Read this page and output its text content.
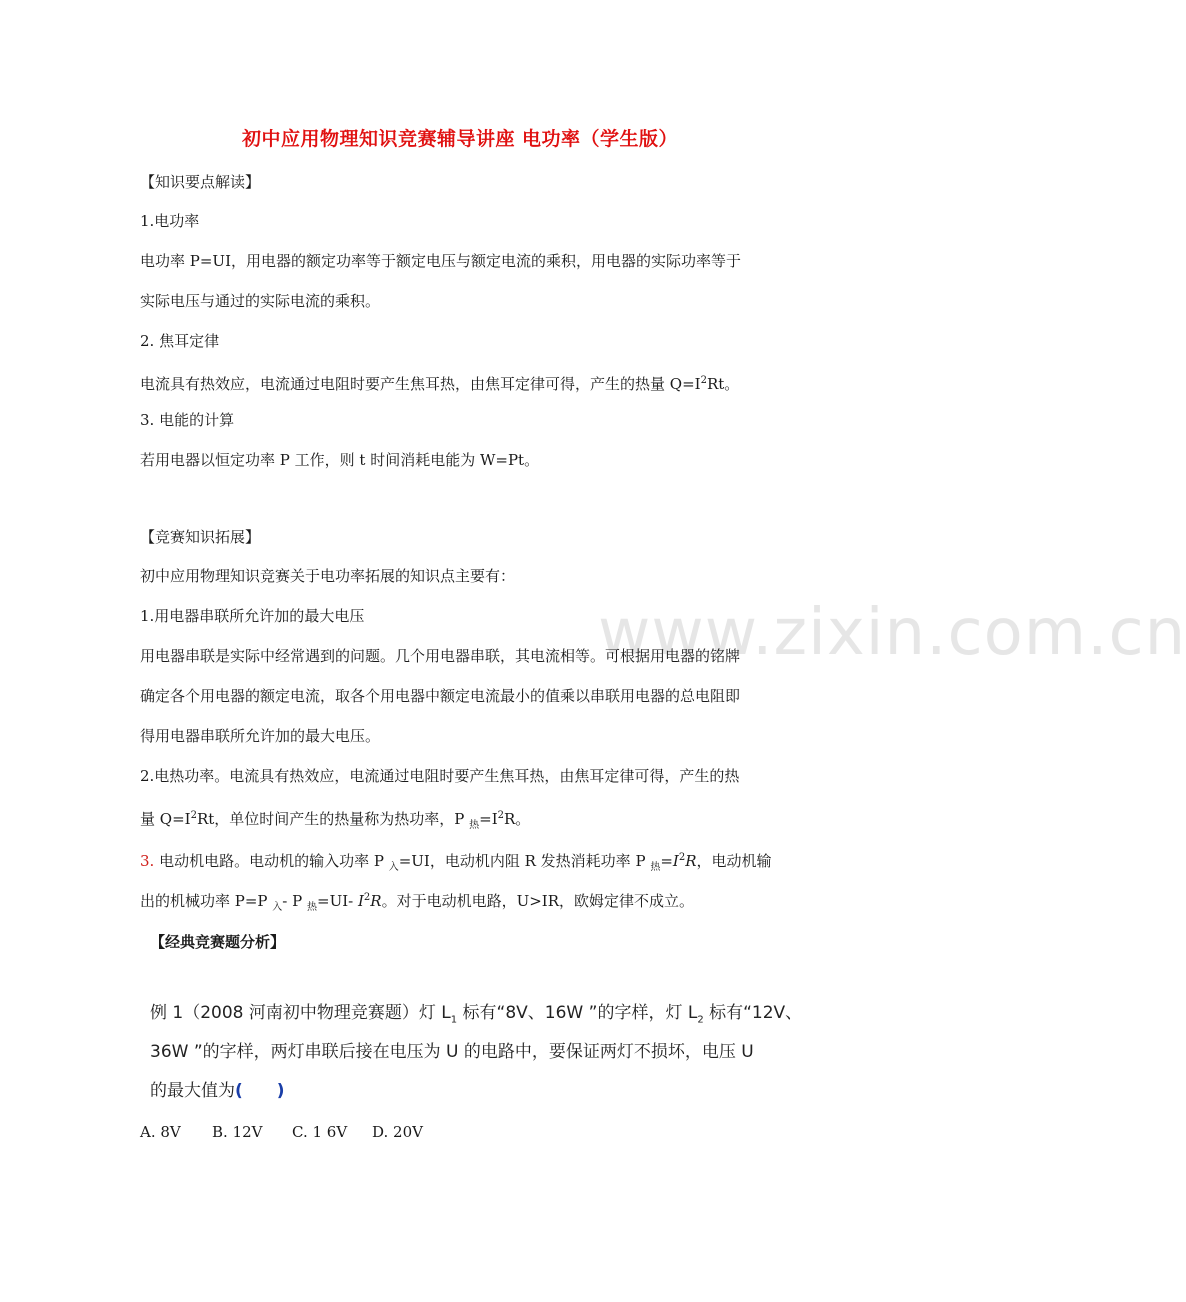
www.zixin.com.cn
初中应用物理知识竞赛辅导讲座 电功率（学生版）
【知识要点解读】
1.电功率
电功率 P=UI，用电器的额定功率等于额定电压与额定电流的乘积，用电器的实际功率等于
实际电压与通过的实际电流的乘积。
2. 焦耳定律
电流具有热效应，电流通过电阻时要产生焦耳热，由焦耳定律可得，产生的热量 $Q=I^2Rt$。
3. 电能的计算
若用电器以恒定功率 P 工作，则 t 时间消耗电能为 W=Pt。
【竞赛知识拓展】
初中应用物理知识竞赛关于电功率拓展的知识点主要有：
1.用电器串联所允许加的最大电压
用电器串联是实际中经常遇到的问题。几个用电器串联，其电流相等。可根据用电器的铭牌
确定各个用电器的额定电流，取各个用电器中额定电流最小的值乘以串联用电器的总电阻即
得用电器串联所允许加的最大电压。
2.电热功率。电流具有热效应，电流通过电阻时要产生焦耳热，由焦耳定律可得，产生的热
量 $Q=I^2Rt$，单位时间产生的热量称为热功率，P $_热=I^2R$。
3. 电动机电路。电动机的输入功率 P $_入$=UI，电动机内阻 R 发热消耗功率 P $_热=I^2R$，电动机输
出的机械功率 P=P $_入$- P $_热$=UI- $I^2R$。对于电动机电路，U>IR，欧姆定律不成立。
【经典竞赛题分析】
例 1（2008 河南初中物理竞赛题）灯 $L_1$ 标有“8V、16W ”的字样，灯 $L_2$ 标有“12V、
36W ”的字样，两灯串联后接在电压为 U 的电路中，要保证两灯不损坏，电压 U
的最大值为( )
A. 8V B. 12V C. 1 6V D. 20V
